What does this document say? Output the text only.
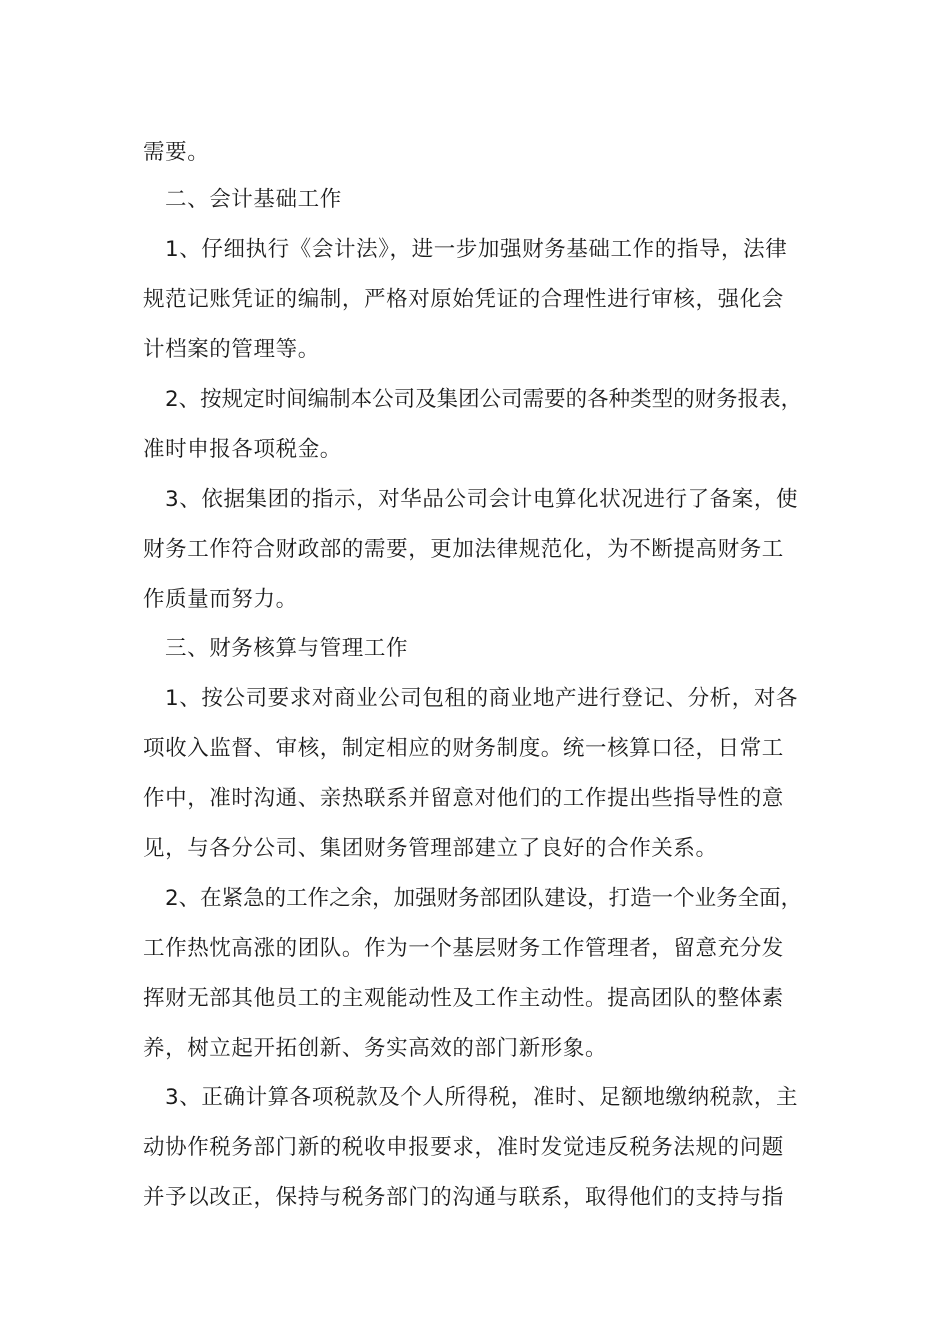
需要。

二、会计基础工作

1、仔细执行《会计法》，进一步加强财务基础工作的指导，法律

规范记账凭证的编制，严格对原始凭证的合理性进行审核，强化会

计档案的管理等。

2、按规定时间编制本公司及集团公司需要的各种类型的财务报表，

准时申报各项税金。

3、依据集团的指示，对华品公司会计电算化状况进行了备案，使

财务工作符合财政部的需要，更加法律规范化，为不断提高财务工

作质量而努力。

三、财务核算与管理工作

1、按公司要求对商业公司包租的商业地产进行登记、分析，对各

项收入监督、审核，制定相应的财务制度。统一核算口径，日常工

作中，准时沟通、亲热联系并留意对他们的工作提出些指导性的意

见，与各分公司、集团财务管理部建立了良好的合作关系。

2、在紧急的工作之余，加强财务部团队建设，打造一个业务全面，

工作热忱高涨的团队。作为一个基层财务工作管理者，留意充分发

挥财无部其他员工的主观能动性及工作主动性。提高团队的整体素

养，树立起开拓创新、务实高效的部门新形象。

3、正确计算各项税款及个人所得税，准时、足额地缴纳税款，主

动协作税务部门新的税收申报要求，准时发觉违反税务法规的问题

并予以改正，保持与税务部门的沟通与联系，取得他们的支持与指
